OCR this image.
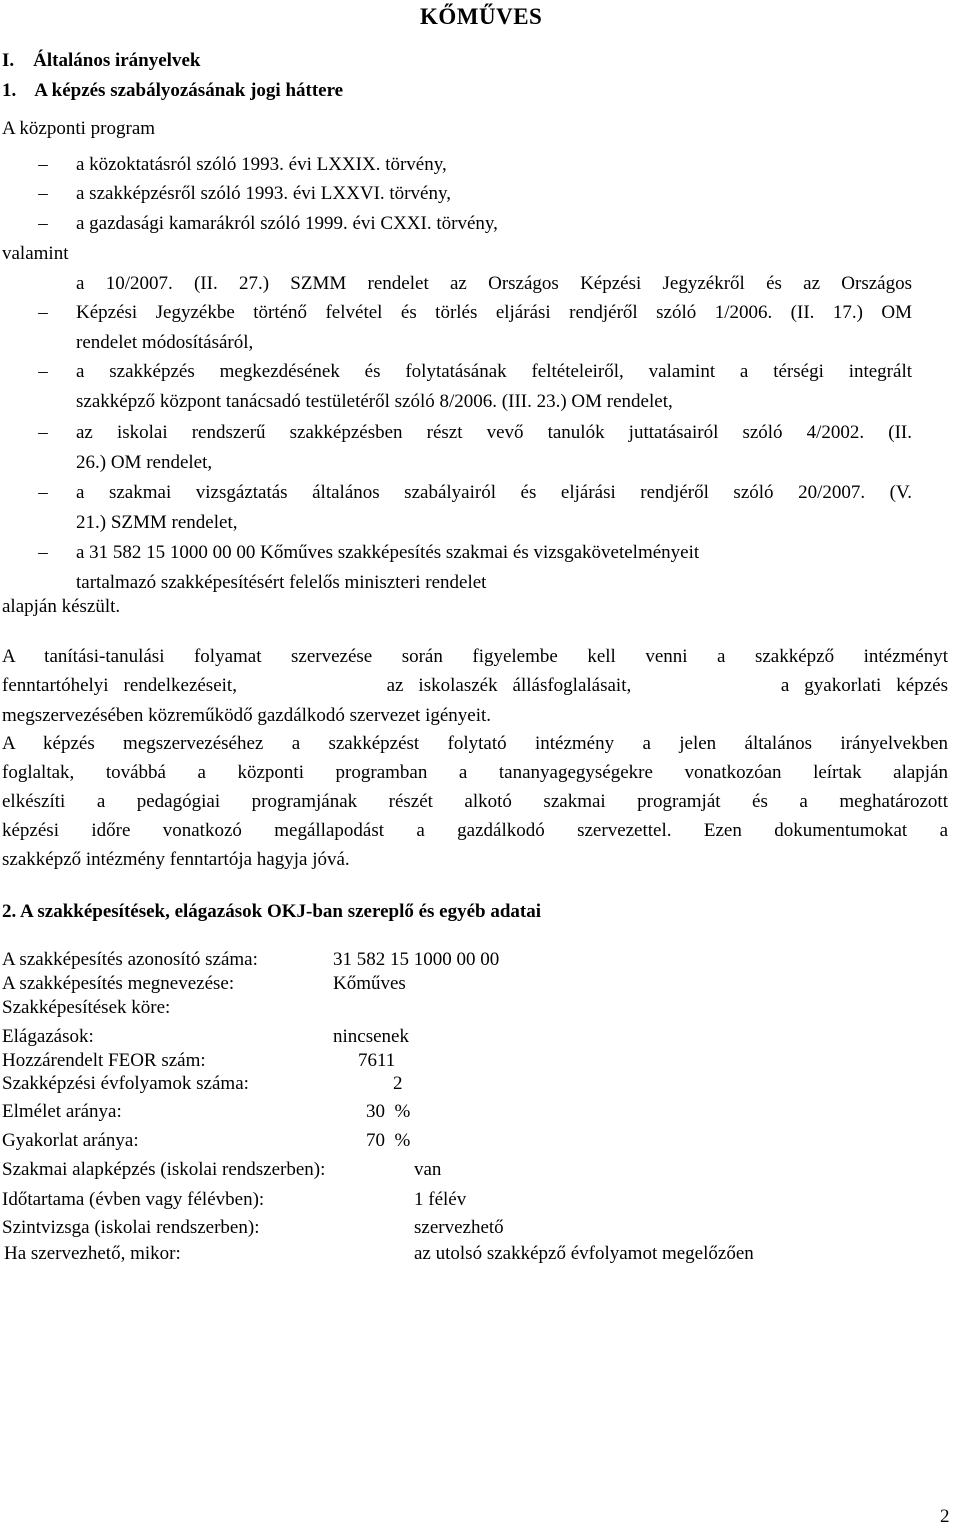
KŐMŰVES
I.    Általános irányelvek
1.    A képzés szabályozásának jogi háttere
A központi program
–	a közoktatásról szóló 1993. évi LXXIX. törvény,
–	a szakképzésről szóló 1993. évi LXXVI. törvény,
–	a gazdasági kamarákról szóló 1999. évi CXXI. törvény,
valamint
a 10/2007. (II. 27.) SZMM rendelet az Országos Képzési Jegyzékről és az Országos
–	Képzési Jegyzékbe történő felvétel és törlés eljárási rendjéről szóló 1/2006. (II. 17.) OM
rendelet módosításáról,
–	a szakképzés megkezdésének és folytatásának feltételeiről, valamint a térségi integrált
szakképző központ tanácsadó testületéről szóló 8/2006. (III. 23.) OM rendelet,
–	az iskolai rendszerű szakképzésben részt vevő tanulók juttatásairól szóló 4/2002. (II.
26.) OM rendelet,
–	a szakmai vizsgáztatás általános szabályairól és eljárási rendjéről szóló 20/2007. (V.
21.) SZMM rendelet,
–	a 31 582 15 1000 00 00 Kőműves szakképesítés szakmai és vizsgakövetelményeit
tartalmazó szakképesítésért felelős miniszteri rendelet
alapján készült.
A tanítási-tanulási folyamat szervezése során figyelembe kell venni a szakképző intézményt
fenntartóhelyi rendelkezéseit,          az iskolaszék állásfoglalásait,          a gyakorlati képzés
megszervezésében közreműködő gazdálkodó szervezet igényeit.
A képzés megszervezéséhez a szakképzést folytató intézmény a jelen általános irányelvekben
foglaltak, továbbá a központi programban a tananyagegységekre vonatkozóan leírtak alapján
elkészíti a pedagógiai programjának részét alkotó szakmai programját és a meghatározott
képzési időre vonatkozó megállapodást a gazdálkodó szervezettel. Ezen dokumentumokat a
szakképző intézmény fenntartója hagyja jóvá.
2. A szakképesítések, elágazások OKJ-ban szereplő és egyéb adatai
A szakképesítés azonosító száma:	31 582 15 1000 00 00
A szakképesítés megnevezése:	Kőműves
Szakképesítések köre:
Elágazások:	nincsenek
Hozzárendelt FEOR szám:	7611
Szakképzési évfolyamok száma:	2
Elmélet aránya:	30  %
Gyakorlat aránya:	70  %
Szakmai alapképzés (iskolai rendszerben):	van
Időtartama (évben vagy félévben):	1 félév
Szintvizsga (iskolai rendszerben):	szervezhető
Ha szervezhető, mikor:	az utolsó szakképző évfolyamot megelőzően
2
